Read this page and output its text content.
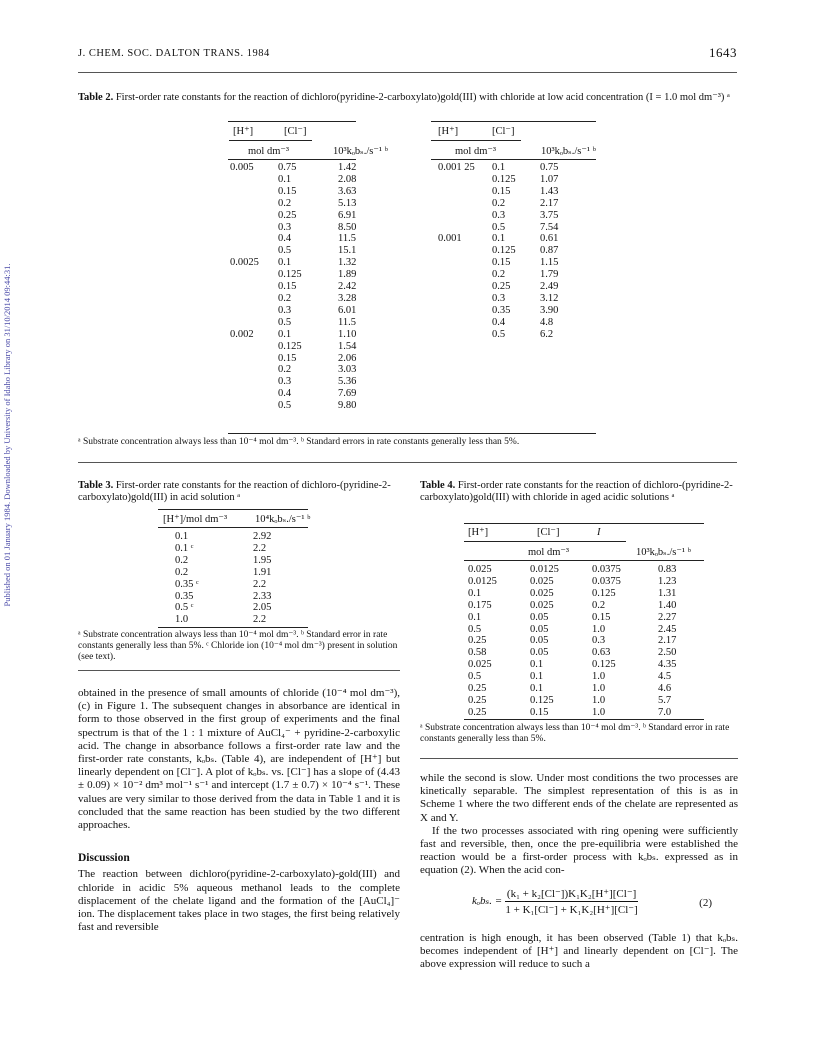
J. CHEM. SOC. DALTON TRANS. 1984	1643
Published on 01 January 1984. Downloaded by University of Idaho Library on 31/10/2014 09:44:31.
Table 2. First-order rate constants for the reaction of dichloro(pyridine-2-carboxylato)gold(III) with chloride at low acid concentration (I = 1.0 mol dm⁻³) ᵃ
[H⁺]	[Cl⁻]
mol dm⁻³	10³kₒbₛ./s⁻¹ ᵇ
[H⁺]	[Cl⁻]
mol dm⁻³	10³kₒbₛ./s⁻¹ ᵇ
0.005	0.75	1.42
	0.1	2.08
	0.15	3.63
	0.2	5.13
	0.25	6.91
	0.3	8.50
	0.4	11.5
	0.5	15.1
0.0025	0.1	1.32
	0.125	1.89
	0.15	2.42
	0.2	3.28
	0.3	6.01
	0.5	11.5
0.002	0.1	1.10
	0.125	1.54
	0.15	2.06
	0.2	3.03
	0.3	5.36
	0.4	7.69
	0.5	9.80
0.001 25	0.1	0.75
	0.125	1.07
	0.15	1.43
	0.2	2.17
	0.3	3.75
	0.5	7.54

0.001	0.1	0.61
	0.125	0.87
	0.15	1.15
	0.2	1.79
	0.25	2.49
	0.3	3.12
	0.35	3.90
	0.4	4.8
	0.5	6.2
ᵃ Substrate concentration always less than 10⁻⁴ mol dm⁻³. ᵇ Standard errors in rate constants generally less than 5%.
Table 3. First-order rate constants for the reaction of dichloro-(pyridine-2-carboxylato)gold(III) in acid solution ᵃ
[H⁺]/mol dm⁻³	10⁴kₒbₛ./s⁻¹ ᵇ
0.1	2.92
0.1 ᶜ	2.2
0.2	1.95
0.2	1.91
0.35 ᶜ	2.2
0.35	2.33
0.5 ᶜ	2.05
1.0	2.2
ᵃ Substrate concentration always less than 10⁻⁴ mol dm⁻³. ᵇ Standard error in rate constants generally less than 5%. ᶜ Chloride ion (10⁻⁴ mol dm⁻³) present in solution (see text).
Table 4. First-order rate constants for the reaction of dichloro-(pyridine-2-carboxylato)gold(III) with chloride in aged acidic solutions ᵃ
[H⁺]	[Cl⁻]	I
mol dm⁻³	10³kₒbₛ./s⁻¹ ᵇ
0.025	0.0125	0.0375	0.83
0.0125	0.025	0.0375	1.23
0.1	0.025	0.125	1.31
0.175	0.025	0.2	1.40
0.1	0.05	0.15	2.27
0.5	0.05	1.0	2.45
0.25	0.05	0.3	2.17
0.58	0.05	0.63	2.50
0.025	0.1	0.125	4.35
0.5	0.1	1.0	4.5
0.25	0.1	1.0	4.6
0.25	0.125	1.0	5.7
0.25	0.15	1.0	7.0
ᵃ Substrate concentration always less than 10⁻⁴ mol dm⁻³. ᵇ Standard error in rate constants generally less than 5%.

obtained in the presence of small amounts of chloride (10⁻⁴ mol dm⁻³), (c) in Figure 1. The subsequent changes in absorbance are identical in form to those observed in the first group of experiments and the final spectrum is that of the 1 : 1 mixture of AuCl₄⁻ + pyridine-2-carboxylic acid. The change in absorbance follows a first-order rate law and the first-order rate constants, kₒbₛ. (Table 4), are independent of [H⁺] but linearly dependent on [Cl⁻]. A plot of kₒbₛ. vs. [Cl⁻] has a slope of (4.43 ± 0.09) × 10⁻² dm³ mol⁻¹ s⁻¹ and intercept (1.7 ± 0.7) × 10⁻⁴ s⁻¹. These values are very similar to those derived from the data in Table 1 and it is concluded that the same reaction has been studied by the two different approaches.

Discussion

The reaction between dichloro(pyridine-2-carboxylato)-gold(III) and chloride in acidic 5% aqueous methanol leads to the complete displacement of the chelate ligand and the formation of the [AuCl₄]⁻ ion. The displacement takes place in two stages, the first being relatively fast and reversible

while the second is slow. Under most conditions the two processes are kinetically separable. The simplest representation of this is as in Scheme 1 where the two different ends of the chelate are represented as X and Y.

If the two processes associated with ring opening were sufficiently fast and reversible, then, once the pre-equilibria were established the reaction would be a first-order process with kₒbₛ. expressed as in equation (2). When the acid con-

kₒbₛ. = $\frac{\text{(k₁ + k₂[Cl⁻])K₁K₂[H⁺][Cl⁻]}}{\text{1 + K₁[Cl⁻] + K₁K₂[H⁺][Cl⁻]}}$	(2)

centration is high enough, it has been observed (Table 1) that kₒbₛ. becomes independent of [H⁺] and linearly dependent on [Cl⁻]. The above expression will reduce to such a
